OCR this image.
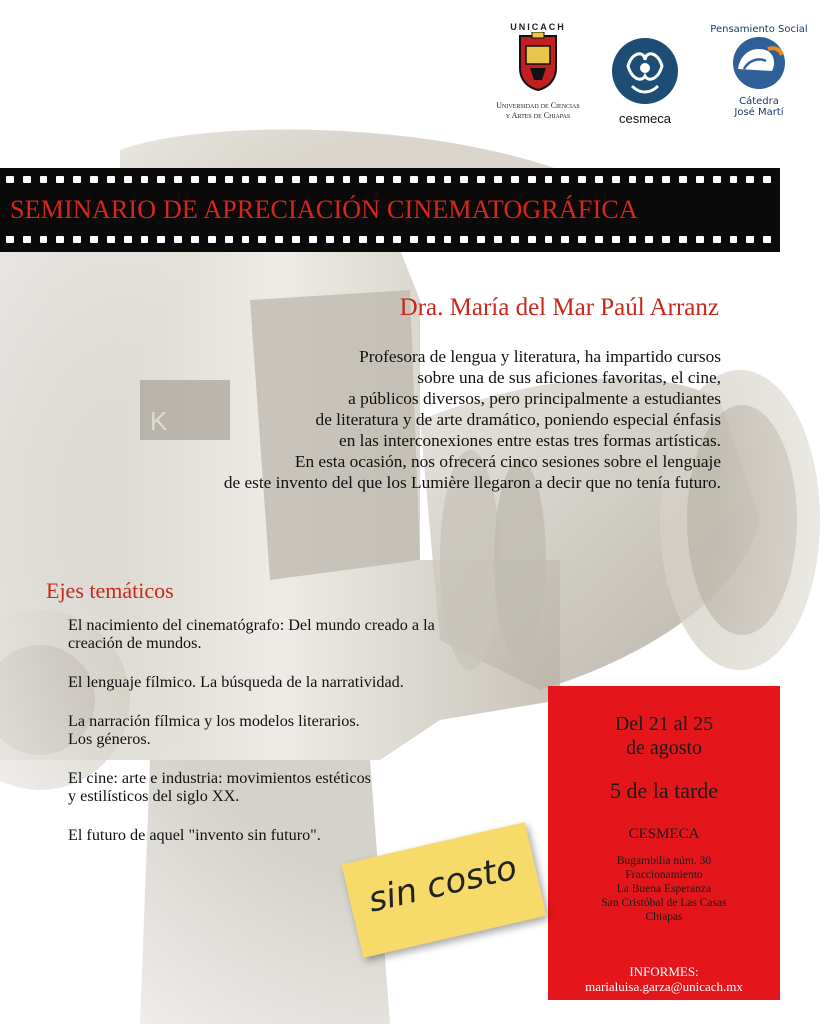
UNICACH
Universidad de Ciencias
y Artes de Chiapas	cesmeca
Pensamiento Social
Cátedra
José Martí
SEMINARIO DE APRECIACIÓN CINEMATOGRÁFICA
Dra. María del Mar Paúl Arranz
Profesora de lengua y literatura, ha impartido cursos
sobre una de sus aficiones favoritas, el cine,
a públicos diversos, pero principalmente a estudiantes
de literatura y de arte dramático, poniendo especial énfasis
en las interconexiones entre estas tres formas artísticas.
En esta ocasión, nos ofrecerá cinco sesiones sobre el lenguaje
de este invento del que los Lumière llegaron a decir que no tenía futuro.
Ejes temáticos
El nacimiento del cinematógrafo: Del mundo creado a la
creación de mundos.
El lenguaje fílmico. La búsqueda de la narratividad.
La narración fílmica y los modelos literarios.
Los géneros.
El cine: arte e industria: movimientos estéticos
y estilísticos del siglo XX.
El futuro de aquel "invento sin futuro".
Del 21 al 25
de agosto
5 de la tarde
CESMECA
Bugambilia núm. 30
Fraccionamiento
La Buena Esperanza
San Cristóbal de Las Casas
Chiapas
INFORMES:
marialuisa.garza@unicach.mx
sin costo
